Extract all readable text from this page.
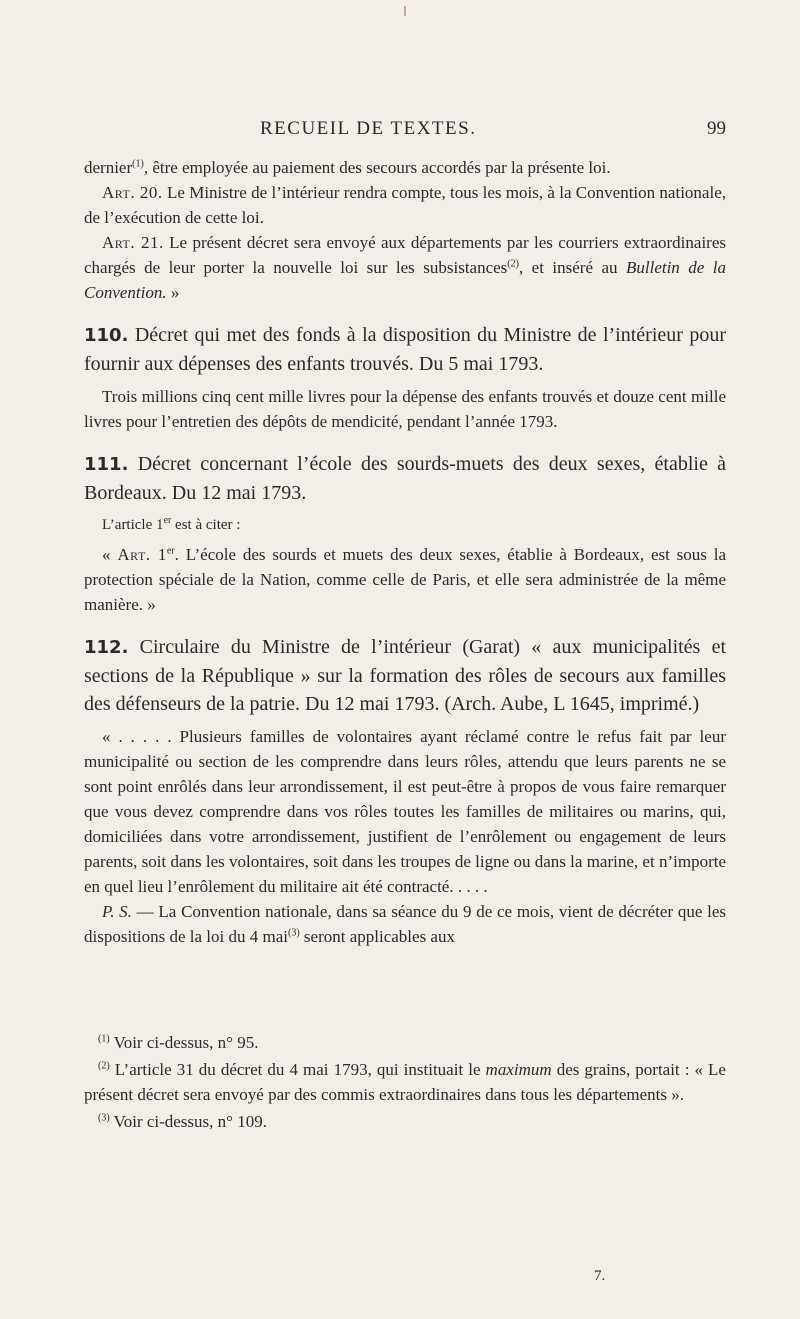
RECUEIL DE TEXTES.	99

dernier$^{(1)}$, être employée au paiement des secours accordés par la présente loi.

Art. 20. Le Ministre de l’intérieur rendra compte, tous les mois, à la Convention nationale, de l’exécution de cette loi.

Art. 21. Le présent décret sera envoyé aux départements par les courriers extraordinaires chargés de leur porter la nouvelle loi sur les subsistances$^{(2)}$, et inséré au Bulletin de la Convention. »

110. Décret qui met des fonds à la disposition du Ministre de l’intérieur pour fournir aux dépenses des enfants trouvés. Du 5 mai 1793.

Trois millions cinq cent mille livres pour la dépense des enfants trouvés et douze cent mille livres pour l’entretien des dépôts de mendicité, pendant l’année 1793.

111. Décret concernant l’école des sourds-muets des deux sexes, établie à Bordeaux. Du 12 mai 1793.

L’article 1er est à citer :

« Art. 1er. L’école des sourds et muets des deux sexes, établie à Bordeaux, est sous la protection spéciale de la Nation, comme celle de Paris, et elle sera administrée de la même manière. »

112. Circulaire du Ministre de l’intérieur (Garat) « aux municipalités et sections de la République » sur la formation des rôles de secours aux familles des défenseurs de la patrie. Du 12 mai 1793. (Arch. Aube, L 1645, imprimé.)

« . . . . . Plusieurs familles de volontaires ayant réclamé contre le refus fait par leur municipalité ou section de les comprendre dans leurs rôles, attendu que leurs parents ne se sont point enrôlés dans leur arrondissement, il est peut-être à propos de vous faire remarquer que vous devez comprendre dans vos rôles toutes les familles de militaires ou marins, qui, domiciliées dans votre arrondissement, justifient de l’enrôlement ou engagement de leurs parents, soit dans les volontaires, soit dans les troupes de ligne ou dans la marine, et n’importe en quel lieu l’enrôlement du militaire ait été contracté. . . . .

P. S. — La Convention nationale, dans sa séance du 9 de ce mois, vient de décréter que les dispositions de la loi du 4 mai$^{(3)}$ seront applicables aux

$^{(1)}$ Voir ci-dessus, n° 95.

$^{(2)}$ L’article 31 du décret du 4 mai 1793, qui instituait le maximum des grains, portait : « Le présent décret sera envoyé par des commis extraordinaires dans tous les départements ».

$^{(3)}$ Voir ci-dessus, n° 109.

7.
